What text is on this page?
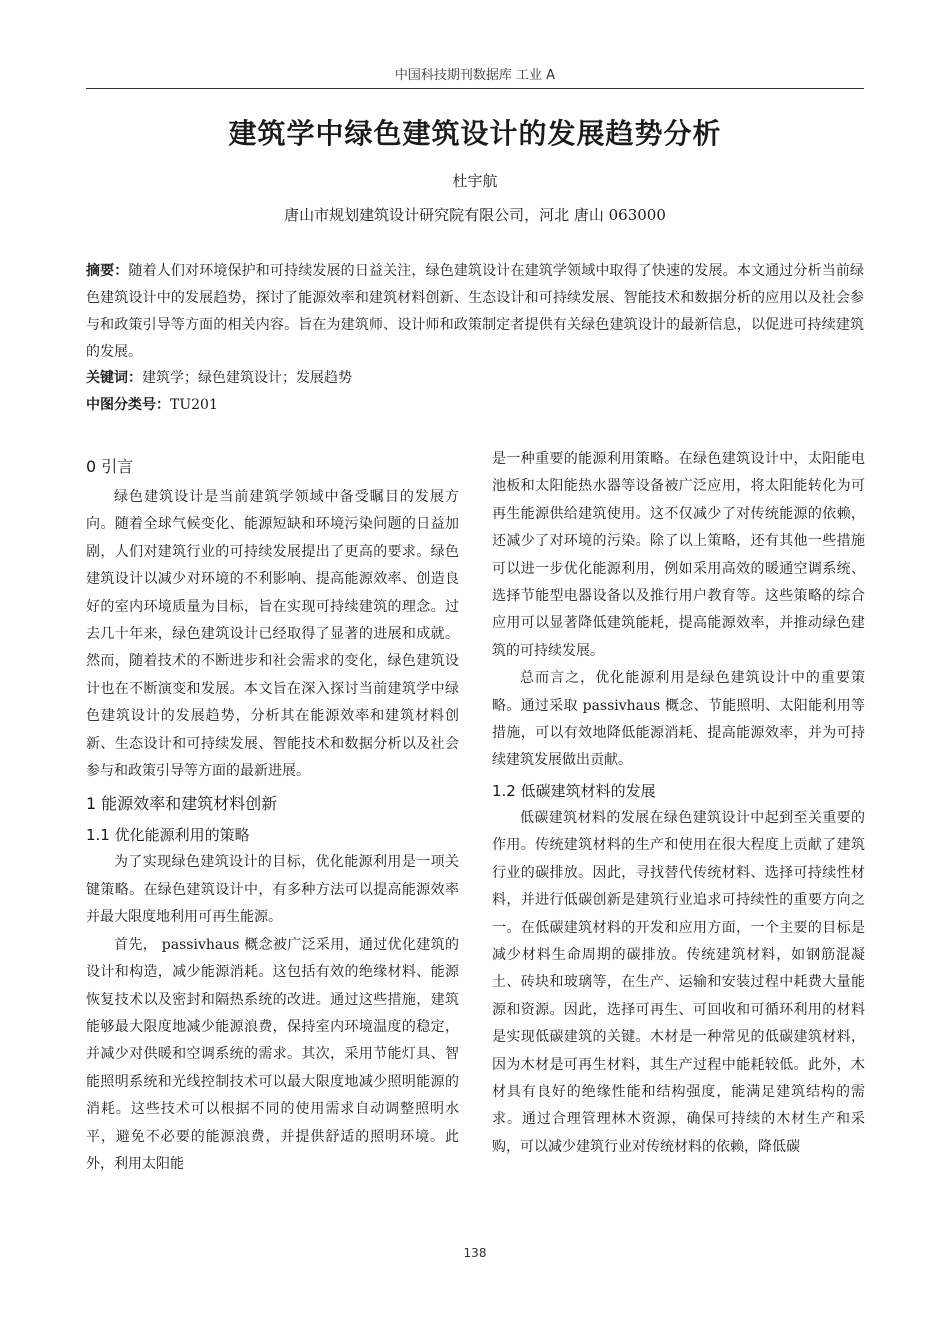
中国科技期刊数据库 工业 A
建筑学中绿色建筑设计的发展趋势分析
杜宇航
唐山市规划建筑设计研究院有限公司，河北 唐山 063000
摘要：随着人们对环境保护和可持续发展的日益关注，绿色建筑设计在建筑学领域中取得了快速的发展。本文通过分析当前绿色建筑设计中的发展趋势，探讨了能源效率和建筑材料创新、生态设计和可持续发展、智能技术和数据分析的应用以及社会参与和政策引导等方面的相关内容。旨在为建筑师、设计师和政策制定者提供有关绿色建筑设计的最新信息，以促进可持续建筑的发展。
关键词：建筑学；绿色建筑设计；发展趋势
中图分类号：TU201
0 引言

绿色建筑设计是当前建筑学领域中备受瞩目的发展方向。随着全球气候变化、能源短缺和环境污染问题的日益加剧，人们对建筑行业的可持续发展提出了更高的要求。绿色建筑设计以减少对环境的不利影响、提高能源效率、创造良好的室内环境质量为目标，旨在实现可持续建筑的理念。过去几十年来，绿色建筑设计已经取得了显著的进展和成就。然而，随着技术的不断进步和社会需求的变化，绿色建筑设计也在不断演变和发展。本文旨在深入探讨当前建筑学中绿色建筑设计的发展趋势，分析其在能源效率和建筑材料创新、生态设计和可持续发展、智能技术和数据分析以及社会参与和政策引导等方面的最新进展。

1 能源效率和建筑材料创新
1.1 优化能源利用的策略

为了实现绿色建筑设计的目标，优化能源利用是一项关键策略。在绿色建筑设计中，有多种方法可以提高能源效率并最大限度地利用可再生能源。

首先， passivhaus 概念被广泛采用，通过优化建筑的设计和构造，减少能源消耗。这包括有效的绝缘材料、能源恢复技术以及密封和隔热系统的改进。通过这些措施，建筑能够最大限度地减少能源浪费，保持室内环境温度的稳定，并减少对供暖和空调系统的需求。其次，采用节能灯具、智能照明系统和光线控制技术可以最大限度地减少照明能源的消耗。这些技术可以根据不同的使用需求自动调整照明水平，避免不必要的能源浪费，并提供舒适的照明环境。此外，利用太阳能

是一种重要的能源利用策略。在绿色建筑设计中，太阳能电池板和太阳能热水器等设备被广泛应用，将太阳能转化为可再生能源供给建筑使用。这不仅减少了对传统能源的依赖，还减少了对环境的污染。除了以上策略，还有其他一些措施可以进一步优化能源利用，例如采用高效的暖通空调系统、选择节能型电器设备以及推行用户教育等。这些策略的综合应用可以显著降低建筑能耗，提高能源效率，并推动绿色建筑的可持续发展。

总而言之，优化能源利用是绿色建筑设计中的重要策略。通过采取 passivhaus 概念、节能照明、太阳能利用等措施，可以有效地降低能源消耗、提高能源效率，并为可持续建筑发展做出贡献。

1.2 低碳建筑材料的发展

低碳建筑材料的发展在绿色建筑设计中起到至关重要的作用。传统建筑材料的生产和使用在很大程度上贡献了建筑行业的碳排放。因此，寻找替代传统材料、选择可持续性材料，并进行低碳创新是建筑行业追求可持续性的重要方向之一。在低碳建筑材料的开发和应用方面，一个主要的目标是减少材料生命周期的碳排放。传统建筑材料，如钢筋混凝土、砖块和玻璃等，在生产、运输和安装过程中耗费大量能源和资源。因此，选择可再生、可回收和可循环利用的材料是实现低碳建筑的关键。木材是一种常见的低碳建筑材料，因为木材是可再生材料，其生产过程中能耗较低。此外，木材具有良好的绝缘性能和结构强度，能满足建筑结构的需求。通过合理管理林木资源，确保可持续的木材生产和采购，可以减少建筑行业对传统材料的依赖，降低碳

138
